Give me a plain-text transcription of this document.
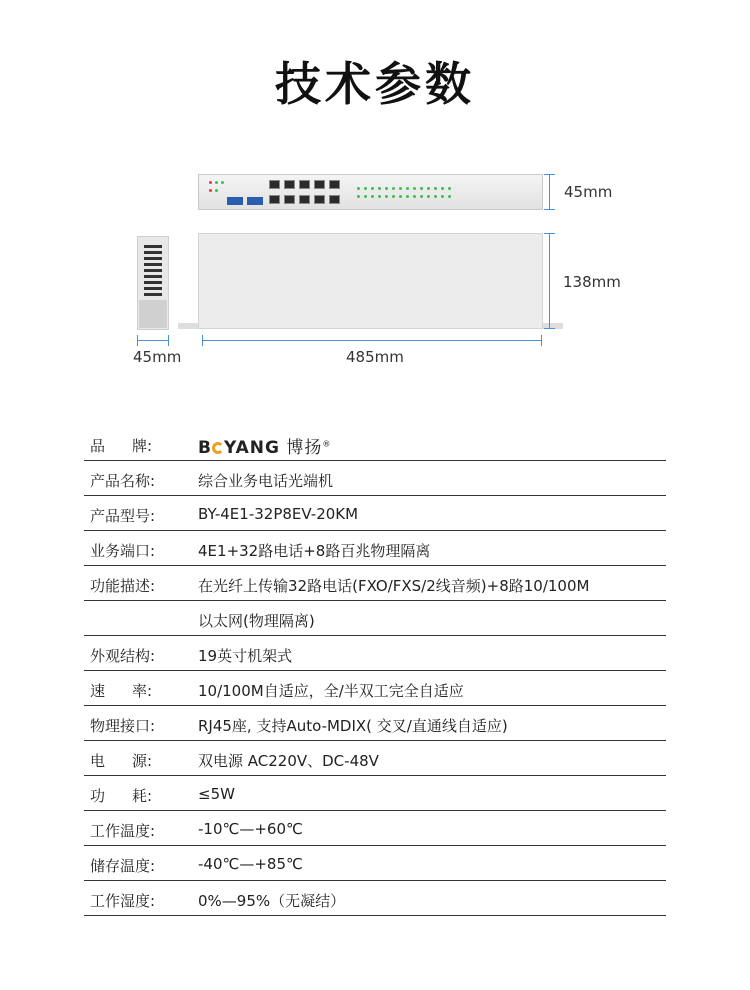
技术参数
45mm
138mm
45mm	485mm
品 牌:	B YANG 博扬®
产品名称:	综合业务电话光端机
产品型号:	BY-4E1-32P8EV-20KM
业务端口:	4E1+32路电话+8路百兆物理隔离
功能描述:	在光纤上传输32路电话(FXO/FXS/2线音频)+8路10/100M
以太网(物理隔离)
外观结构:	19英寸机架式
速 率:	10/100M自适应，全/半双工完全自适应
物理接口:	RJ45座, 支持Auto-MDIX( 交叉/直通线自适应)
电 源:	双电源 AC220V、DC-48V
功 耗:	≤5W
工作温度:	-10℃—+60℃
储存温度:	-40℃—+85℃
工作湿度:	0%—95%（无凝结）
